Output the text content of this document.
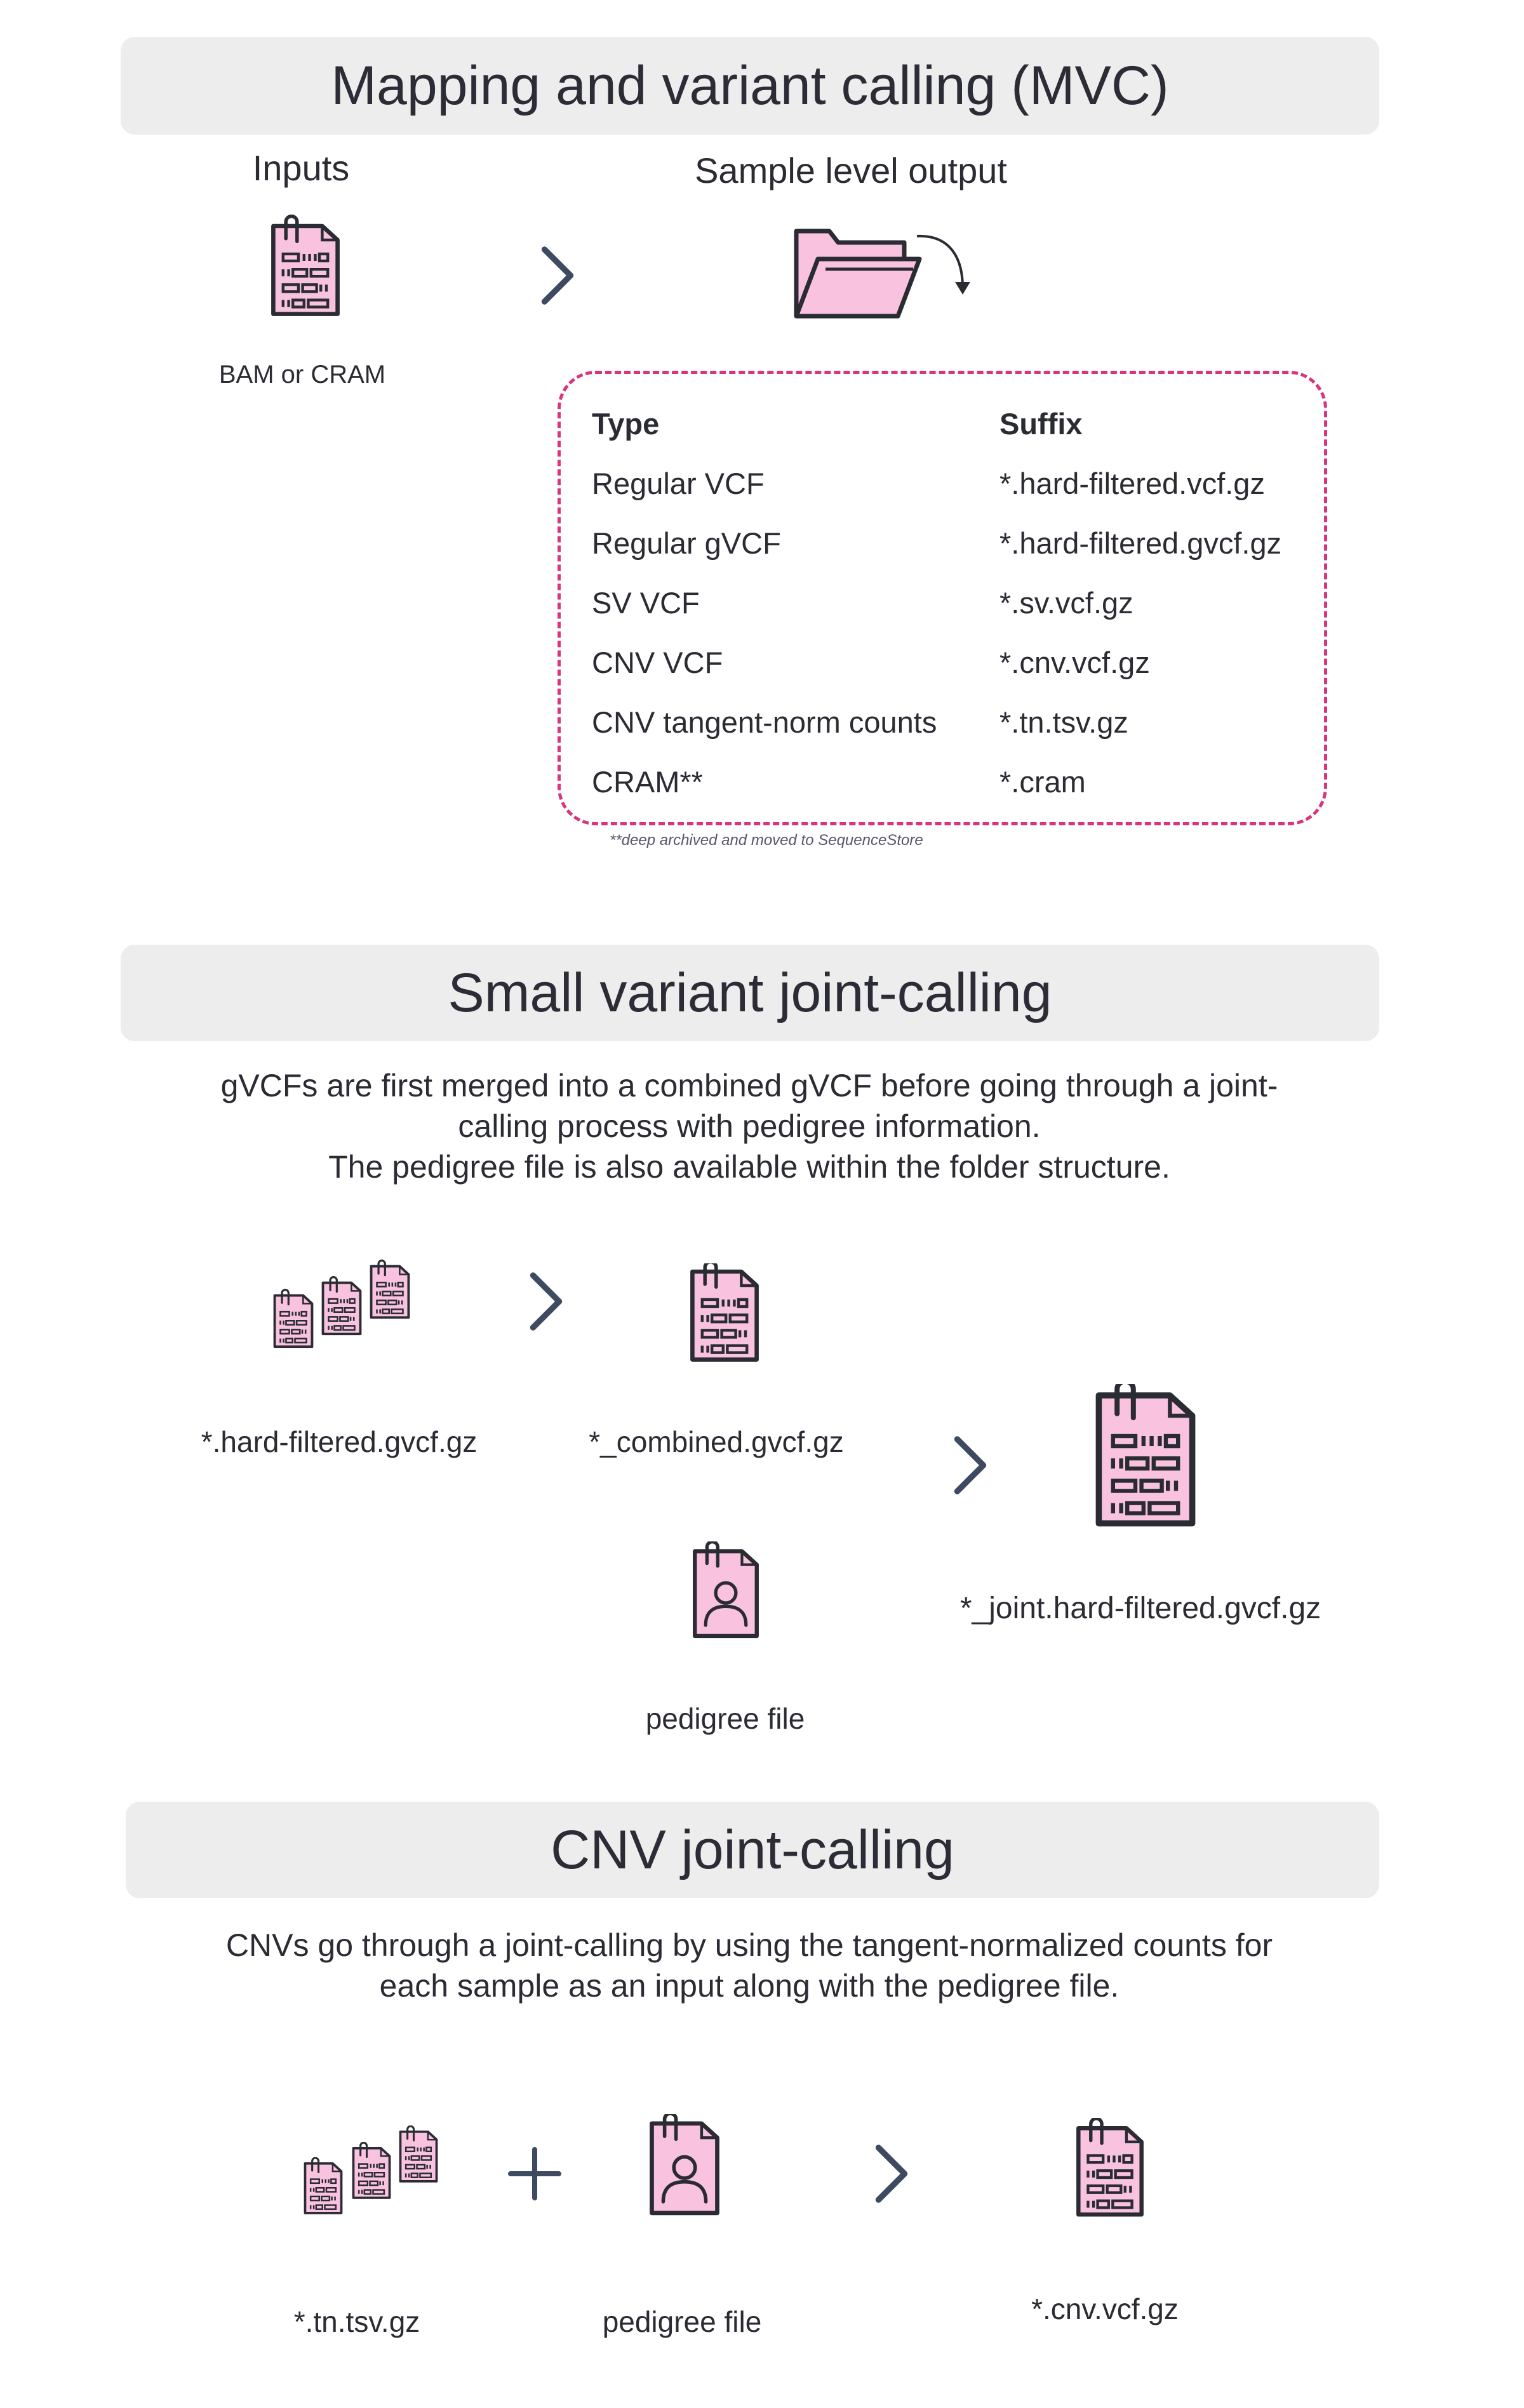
Mapping and variant calling (MVC)
Inputs	Sample level output
BAM or CRAM
Type	Suffix
Regular VCF	*.hard-filtered.vcf.gz
Regular gVCF	*.hard-filtered.gvcf.gz
SV VCF	*.sv.vcf.gz
CNV VCF	*.cnv.vcf.gz
CNV tangent-norm counts *.tn.tsv.gz
CRAM**	*.cram
**deep archived and moved to SequenceStore
Small variant joint-calling
gVCFs are first merged into a combined gVCF before going through a joint-
calling process with pedigree information.
The pedigree file is also available within the folder structure.
*.hard-filtered.gvcf.gz	*_combined.gvcf.gz
pedigree file
*_joint.hard-filtered.gvcf.gz
CNV joint-calling
CNVs go through a joint-calling by using the tangent-normalized counts for
each sample as an input along with the pedigree file.
*.tn.tsv.gz	pedigree file	*.cnv.vcf.gz
